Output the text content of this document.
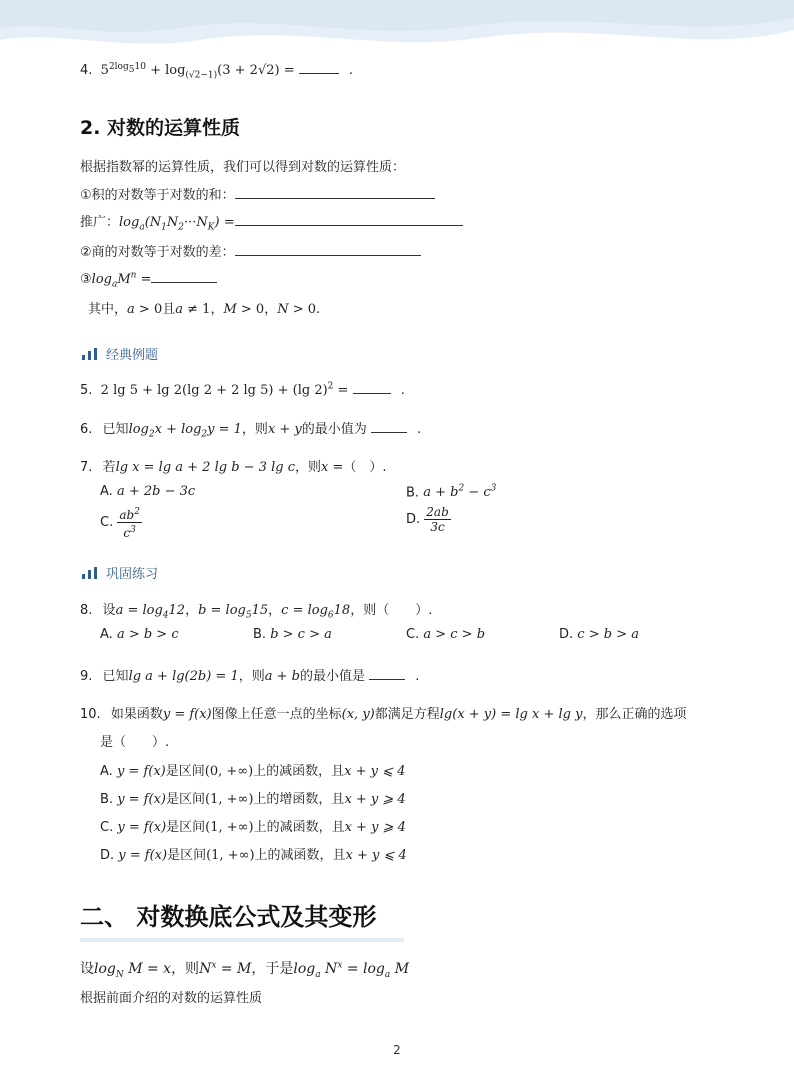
4.  $5^{2log_510} + \log_{(√2-1)}(3 + 2√2)$ =	.
2. 对数的运算性质
根据指数幂的运算性质，我们可以得到对数的运算性质：
①积的对数等于对数的和：
推广：$\log_a(N_1N_2\cdot\cdot\cdot N_K)$ =
②商的对数等于对数的差：
$③\log_aM^n$ =
其中，a > 0且a ≠ 1，M > 0，N > 0.
经典例题
5.  2 lg 5 + lg 2(lg 2 + 2 lg 5) + (lg 2)$^2$ =	.
6. 已知$\log_2x + \log_2y = 1$，则x + y的最小值为	.
7. 若lg x = lg a + 2 lg b − 3 lg c，则x =（　）.
A. a + 2b − 3c	B. $a + b^2 - c^3$
C. $\frac{ab^2}{c^3}$	D. $\frac{2ab}{3c}$
巩固练习
8. 设$a = \log_412$，$b = \log_515$，$c = \log_618$，则（　　）.
A. a > b > c	B. b > c > a	C. a > c > b	D. c > b > a
9. 已知lg a + lg(2b) = 1，则a + b的最小值是	.
10. 如果函数y = f(x)图像上任意一点的坐标(x, y)都满足方程lg(x + y) = lg x + lg y，那么正确的选项
是（　　）.
A. y = f(x)是区间(0, +∞)上的减函数，且x + y ⩽ 4
B. y = f(x)是区间(1, +∞)上的增函数，且x + y ⩾ 4
C. y = f(x)是区间(1, +∞)上的减函数，且x + y ⩾ 4
D. y = f(x)是区间(1, +∞)上的减函数，且x + y ⩽ 4
二、 对数换底公式及其变形
设$\log_N M = x$，则$N^x = M$，于是$\log_a N^x = \log_a M$
根据前面介绍的对数的运算性质
2
